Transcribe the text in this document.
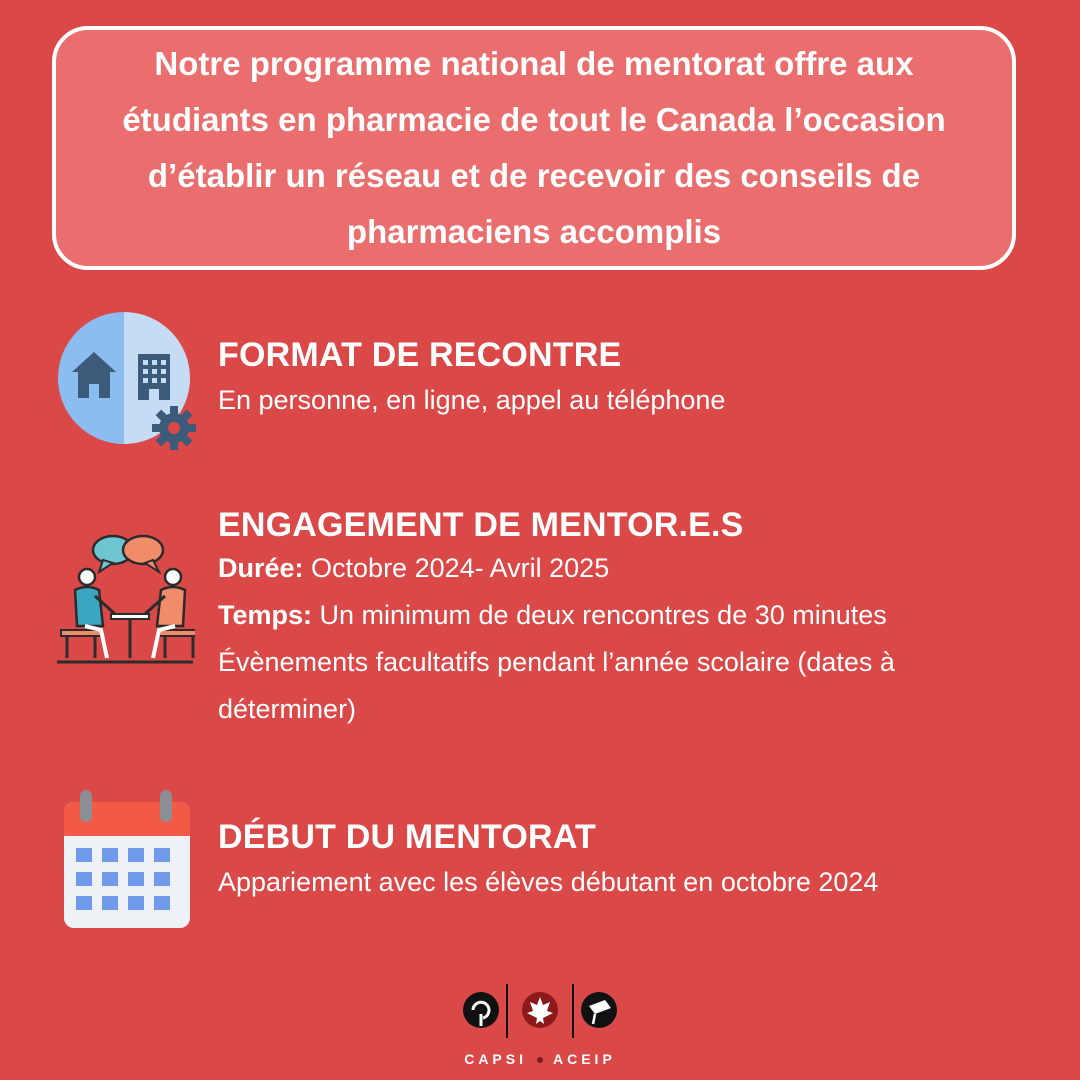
Notre programme national de mentorat offre aux étudiants en pharmacie de tout le Canada l’occasion d’établir un réseau et de recevoir des conseils de pharmaciens accomplis

FORMAT DE RECONTRE

En personne, en ligne, appel au téléphone

ENGAGEMENT DE MENTOR.E.S

Durée: Octobre 2024- Avril 2025

Temps: Un minimum de deux rencontres de 30 minutes

Évènements facultatifs pendant l’année scolaire (dates à

déterminer)

DÉBUT DU MENTORAT

Appariement avec les élèves débutant en octobre 2024

CAPSI ACEIP
